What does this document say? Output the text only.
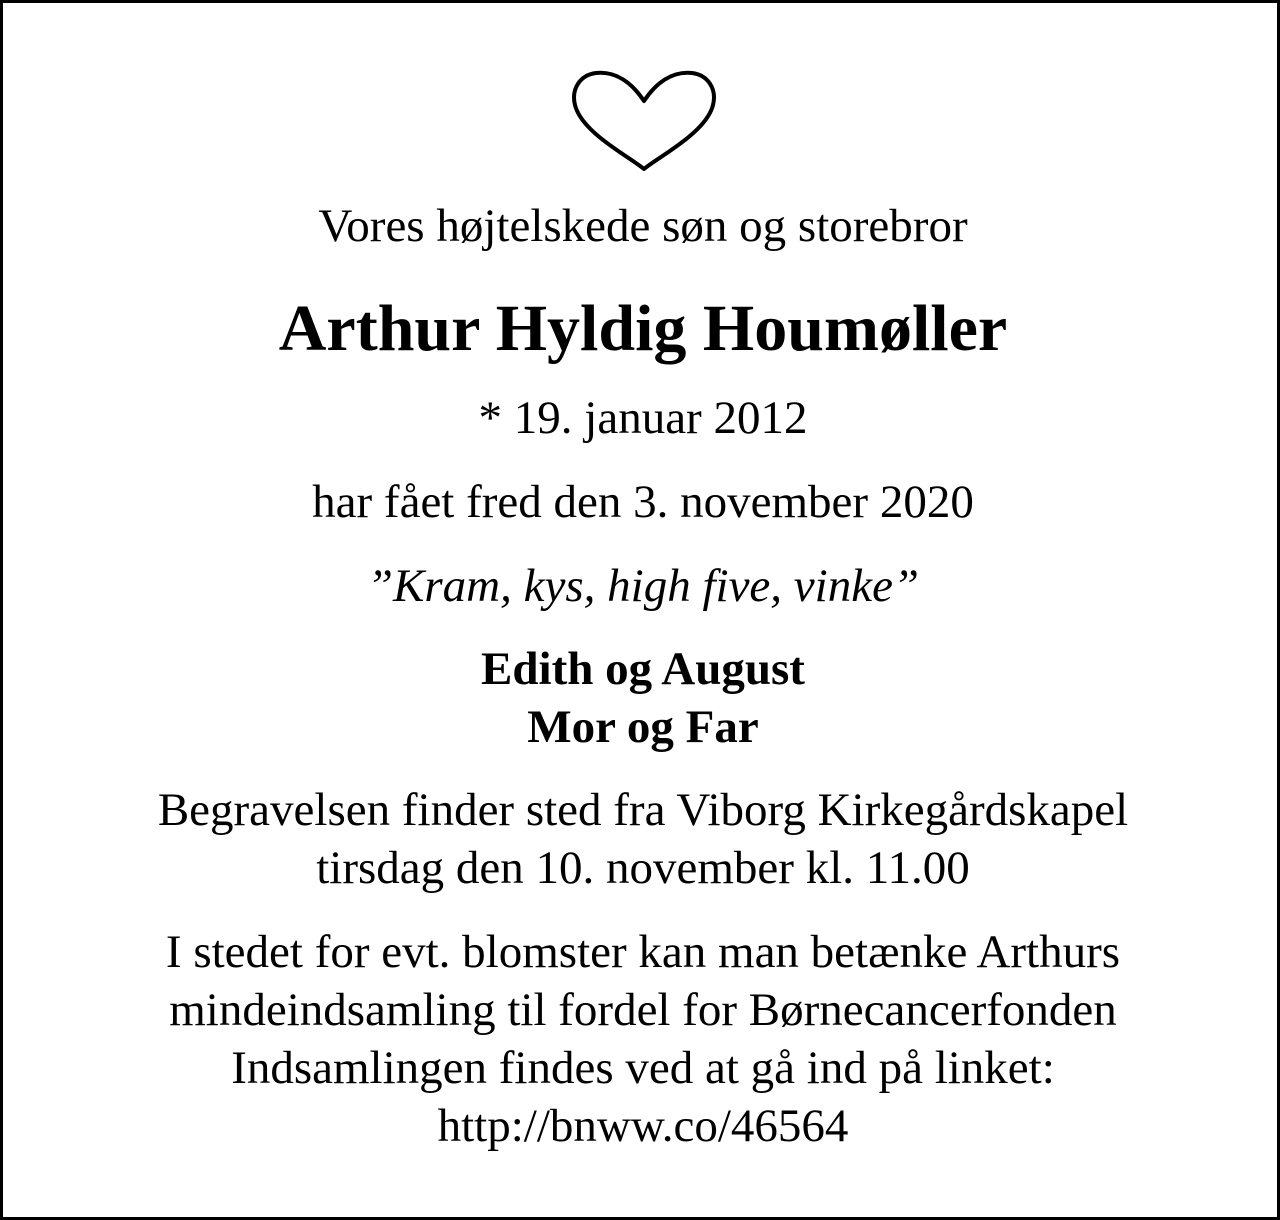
Vores højtelskede søn og storebror
Arthur Hyldig Houmøller
* 19. januar 2012
har fået fred den 3. november 2020
”Kram, kys, high five, vinke”
Edith og August
Mor og Far
Begravelsen finder sted fra Viborg Kirkegårdskapel
tirsdag den 10. november kl. 11.00
I stedet for evt. blomster kan man betænke Arthurs
mindeindsamling til fordel for Børnecancerfonden
Indsamlingen findes ved at gå ind på linket:
http://bnww.co/46564
